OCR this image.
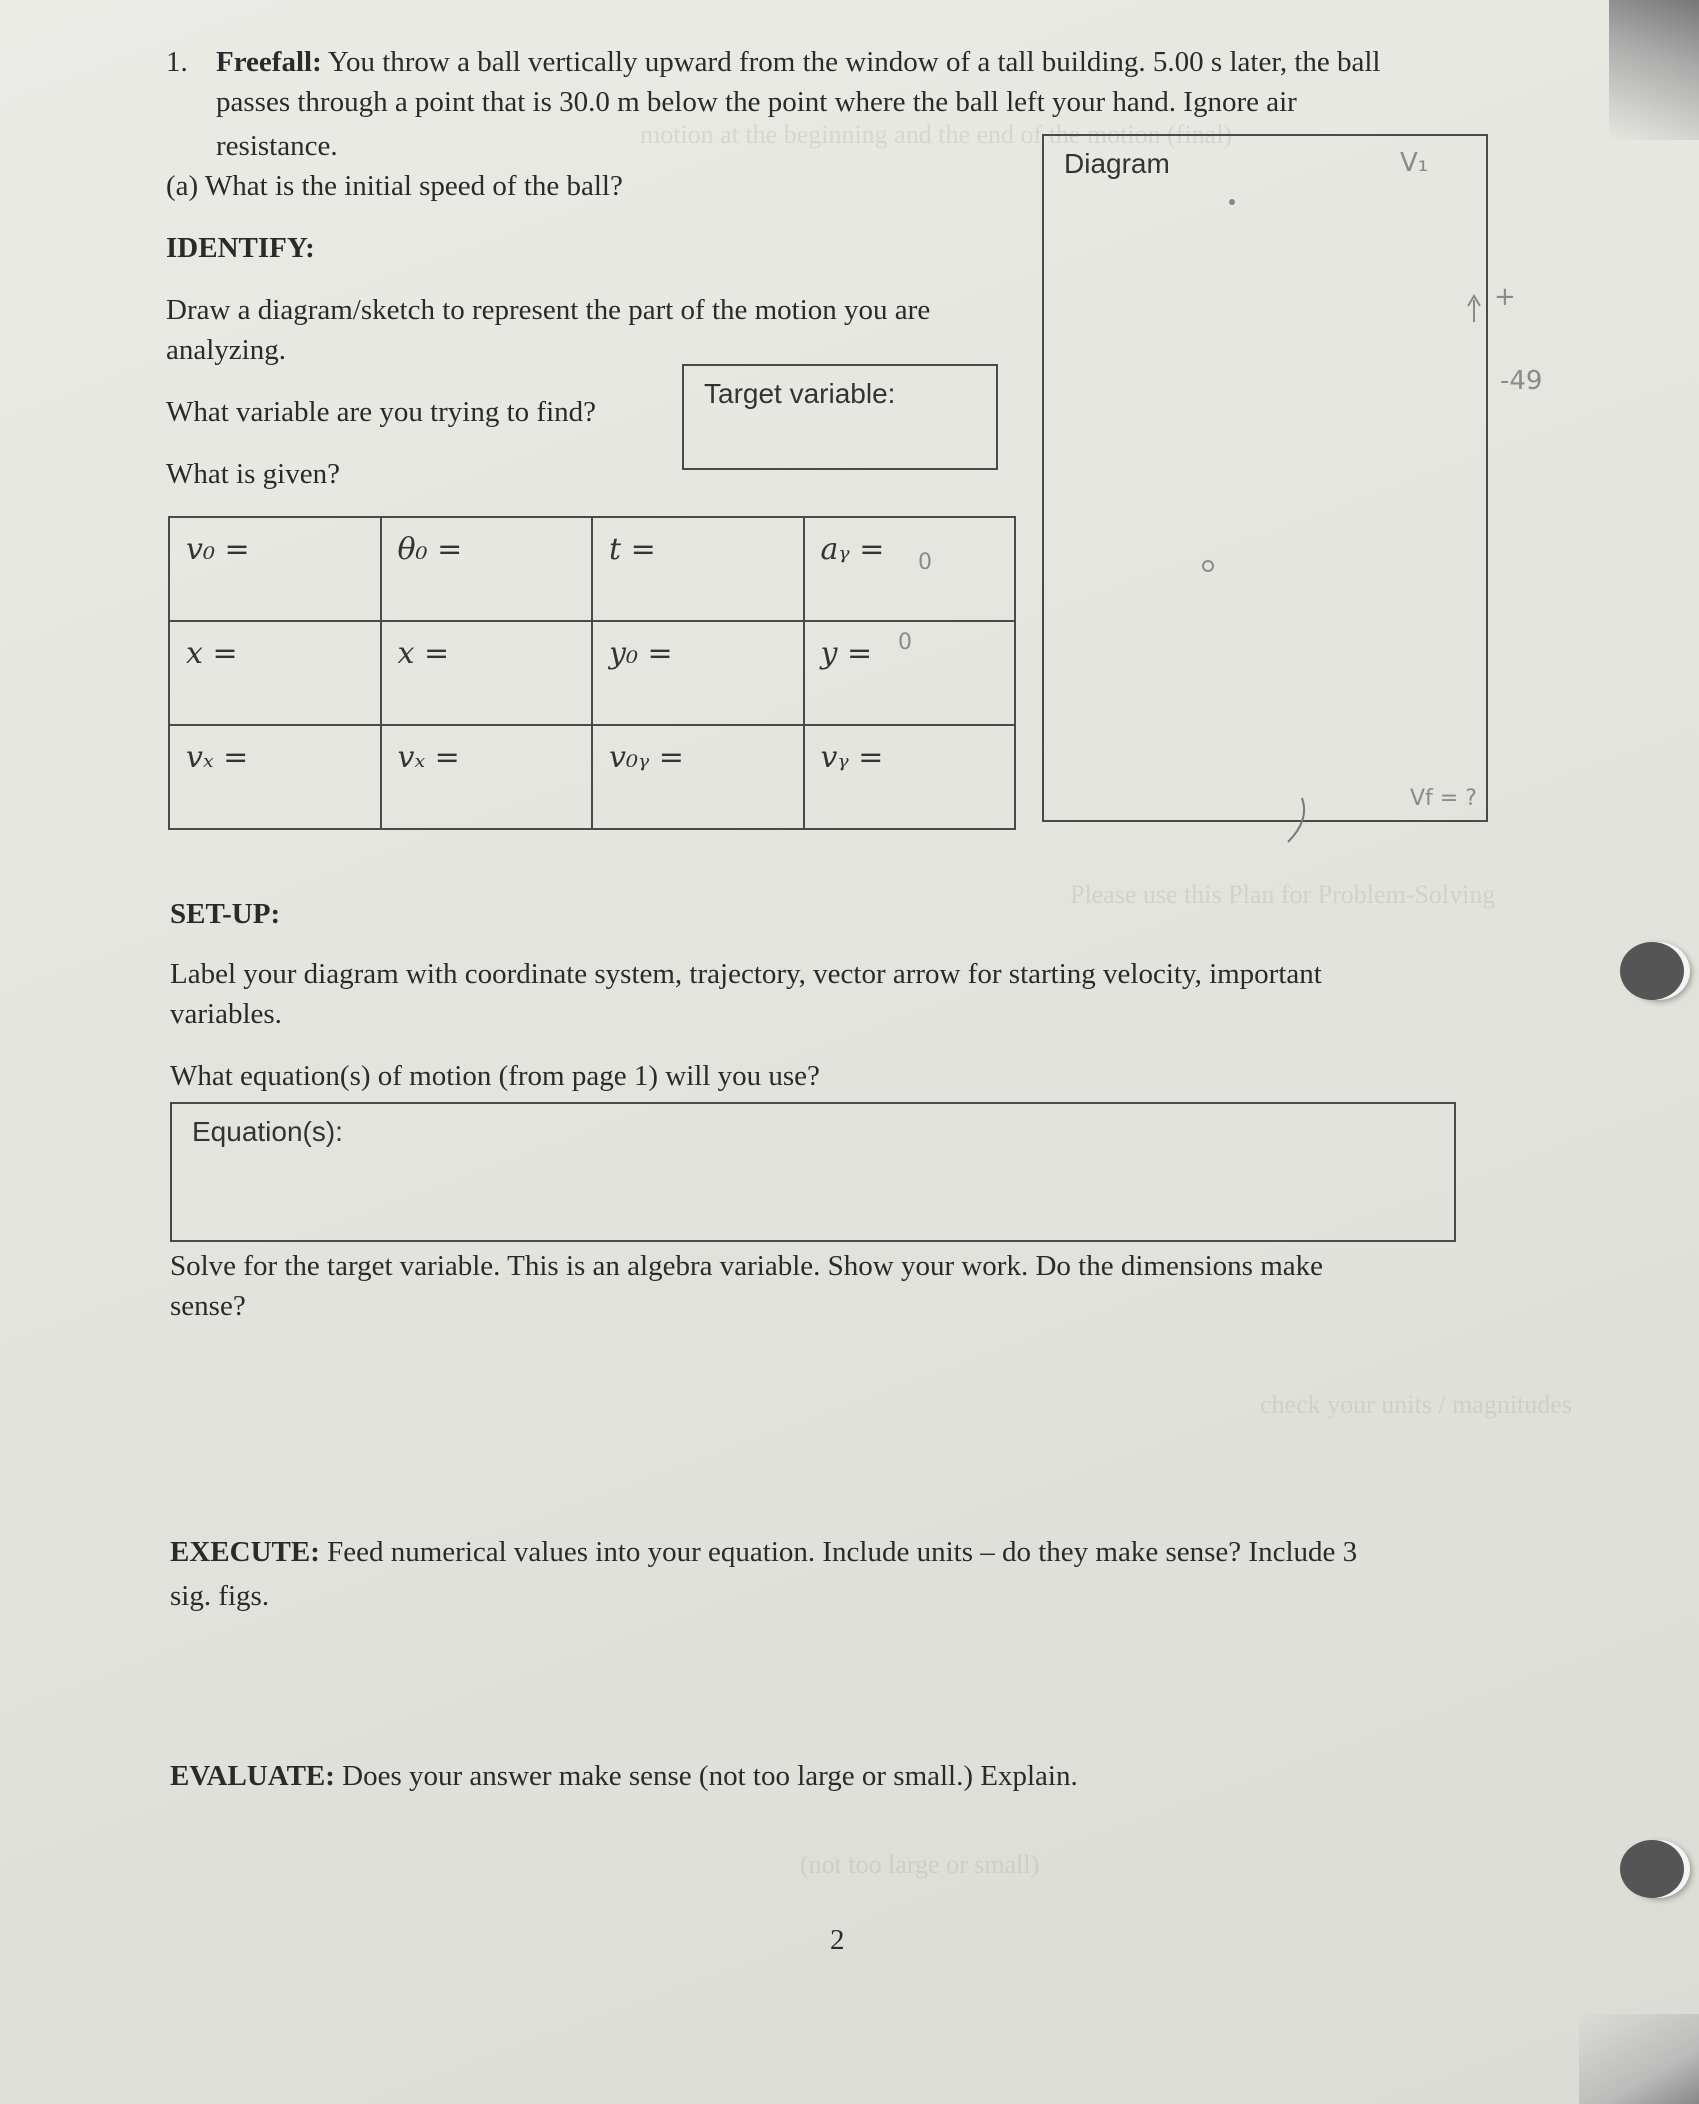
motion at the beginning and the end of the motion (final)
Please use this Plan for Problem-Solving
check your units / magnitudes
(not too large or small)
1. Freefall: You throw a ball vertically upward from the window of a tall building. 5.00 s later, the ball
passes through a point that is 30.0 m below the point where the ball left your hand. Ignore air
resistance.
(a) What is the initial speed of the ball?
IDENTIFY:
Draw a diagram/sketch to represent the part of the motion you are
analyzing.
What variable are you trying to find?
What is given?
Target variable:
Diagram	V₁
+
-49
Vf = ?
v₀ =	θ₀ =	t =	aᵧ =
x =	x =	y₀ =	y =
vₓ =	vₓ =	v₀ᵧ =	vᵧ =
0
0
SET-UP:
Label your diagram with coordinate system, trajectory, vector arrow for starting velocity, important
variables.
What equation(s) of motion (from page 1) will you use?
Equation(s):
Solve for the target variable. This is an algebra variable. Show your work. Do the dimensions make
sense?
EXECUTE: Feed numerical values into your equation. Include units – do they make sense? Include 3
sig. figs.
EVALUATE: Does your answer make sense (not too large or small.) Explain.
2
